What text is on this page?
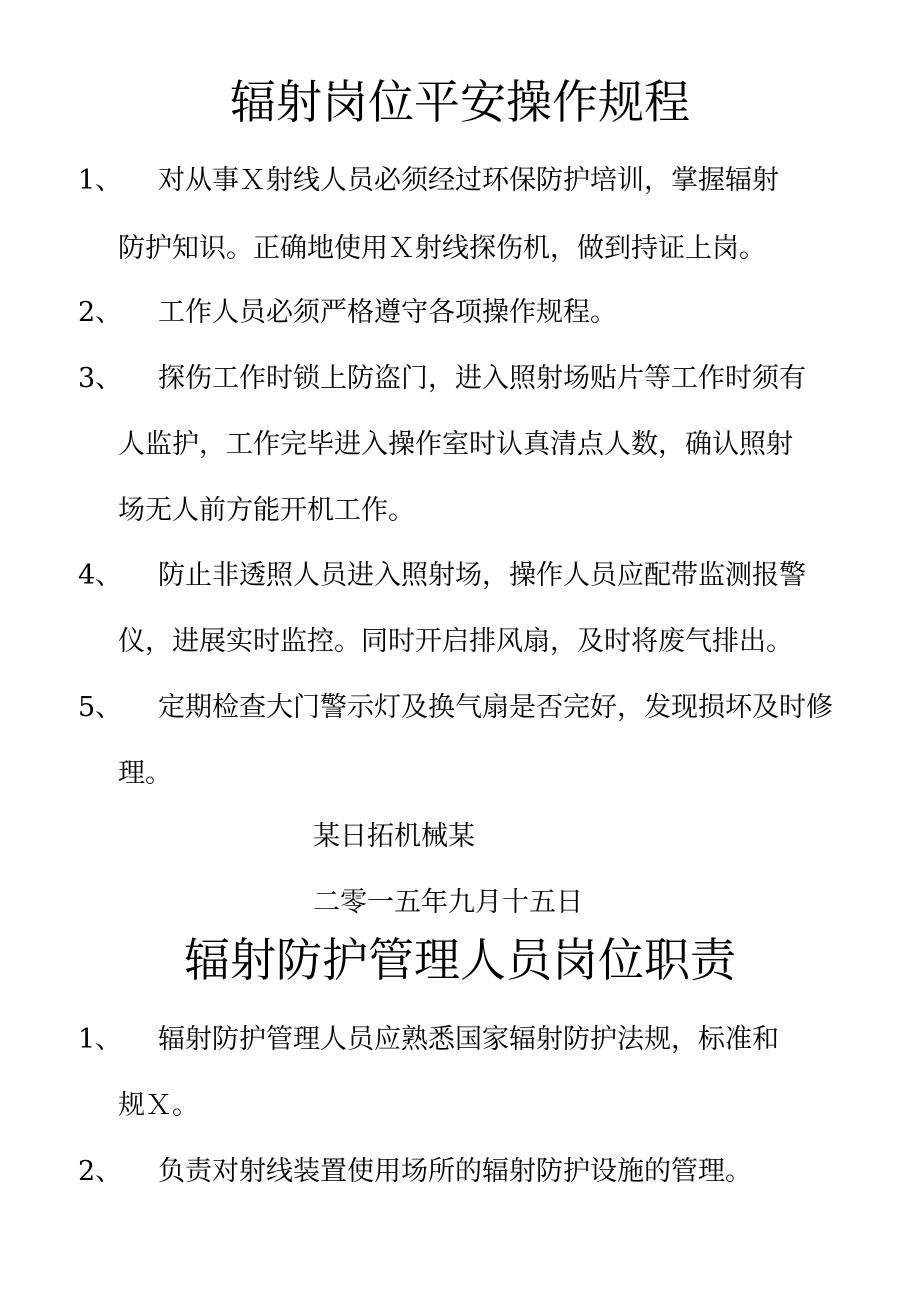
辐射岗位平安操作规程
1、 对从事Ｘ射线人员必须经过环保防护培训，掌握辐射
防护知识。正确地使用Ｘ射线探伤机，做到持证上岗。
2、 工作人员必须严格遵守各项操作规程。
3、 探伤工作时锁上防盗门，进入照射场贴片等工作时须有
人监护，工作完毕进入操作室时认真清点人数，确认照射
场无人前方能开机工作。
4、 防止非透照人员进入照射场，操作人员应配带监测报警
仪，进展实时监控。同时开启排风扇，及时将废气排出。
5、 定期检查大门警示灯及换气扇是否完好，发现损坏及时修
理。
某日拓机械某
二零一五年九月十五日
辐射防护管理人员岗位职责
1、 辐射防护管理人员应熟悉国家辐射防护法规，标准和
规Ｘ。
2、 负责对射线装置使用场所的辐射防护设施的管理。
